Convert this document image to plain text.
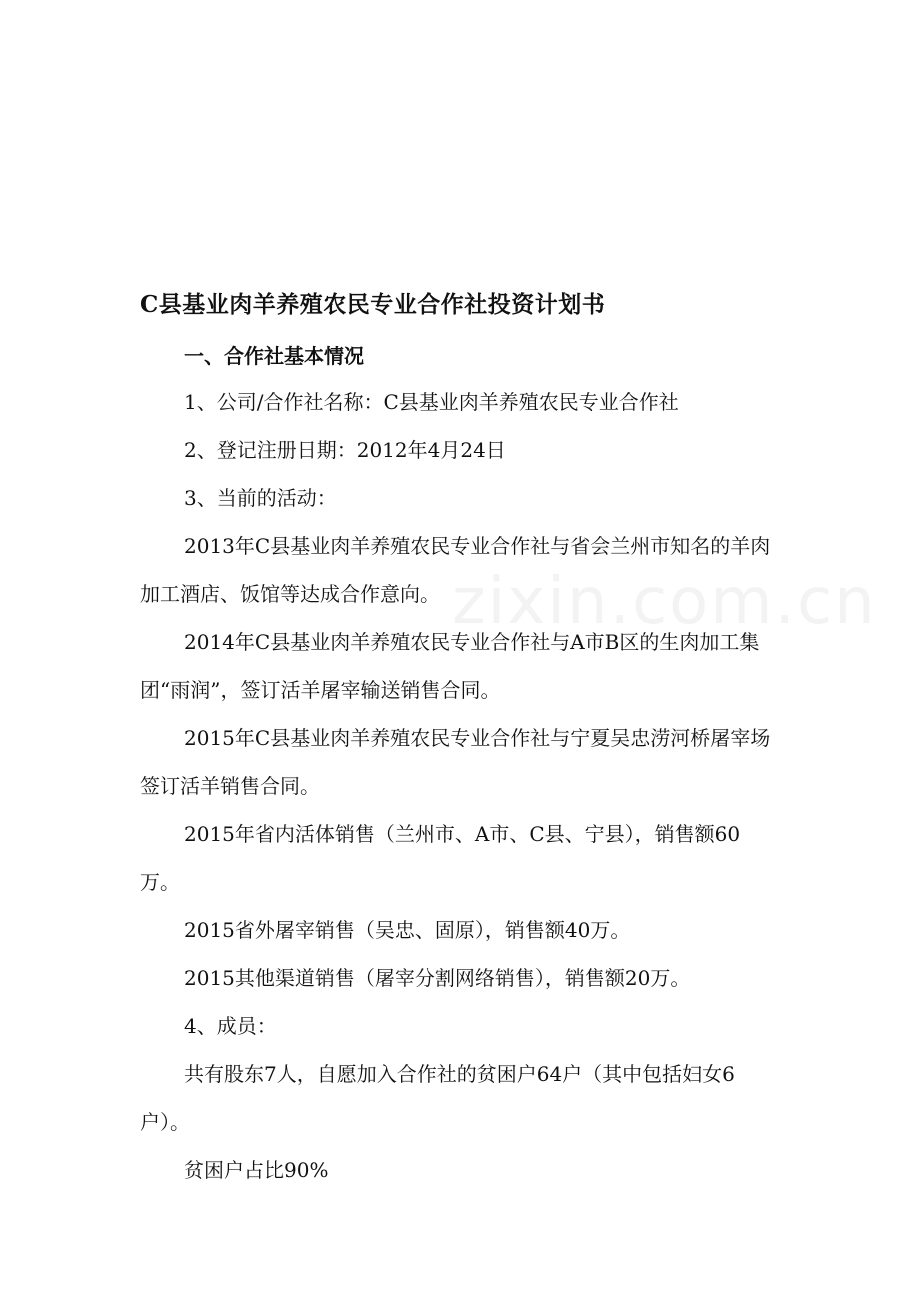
zixin.com.cn
C县基业肉羊养殖农民专业合作社投资计划书
一、合作社基本情况
1、公司/合作社名称：C县基业肉羊养殖农民专业合作社
2、登记注册日期：2012年4月24日
3、当前的活动：

2013年C县基业肉羊养殖农民专业合作社与省会兰州市知名的羊肉加工酒店、饭馆等达成合作意向。

2014年C县基业肉羊养殖农民专业合作社与A市B区的生肉加工集团“雨润”，签订活羊屠宰输送销售合同。

2015年C县基业肉羊养殖农民专业合作社与宁夏吴忠涝河桥屠宰场签订活羊销售合同。

2015年省内活体销售（兰州市、A市、C县、宁县），销售额60万。

2015省外屠宰销售（吴忠、固原），销售额40万。
2015其他渠道销售（屠宰分割网络销售），销售额20万。
4、成员：

共有股东7人，自愿加入合作社的贫困户64户（其中包括妇女6户）。

贫困户占比90%
